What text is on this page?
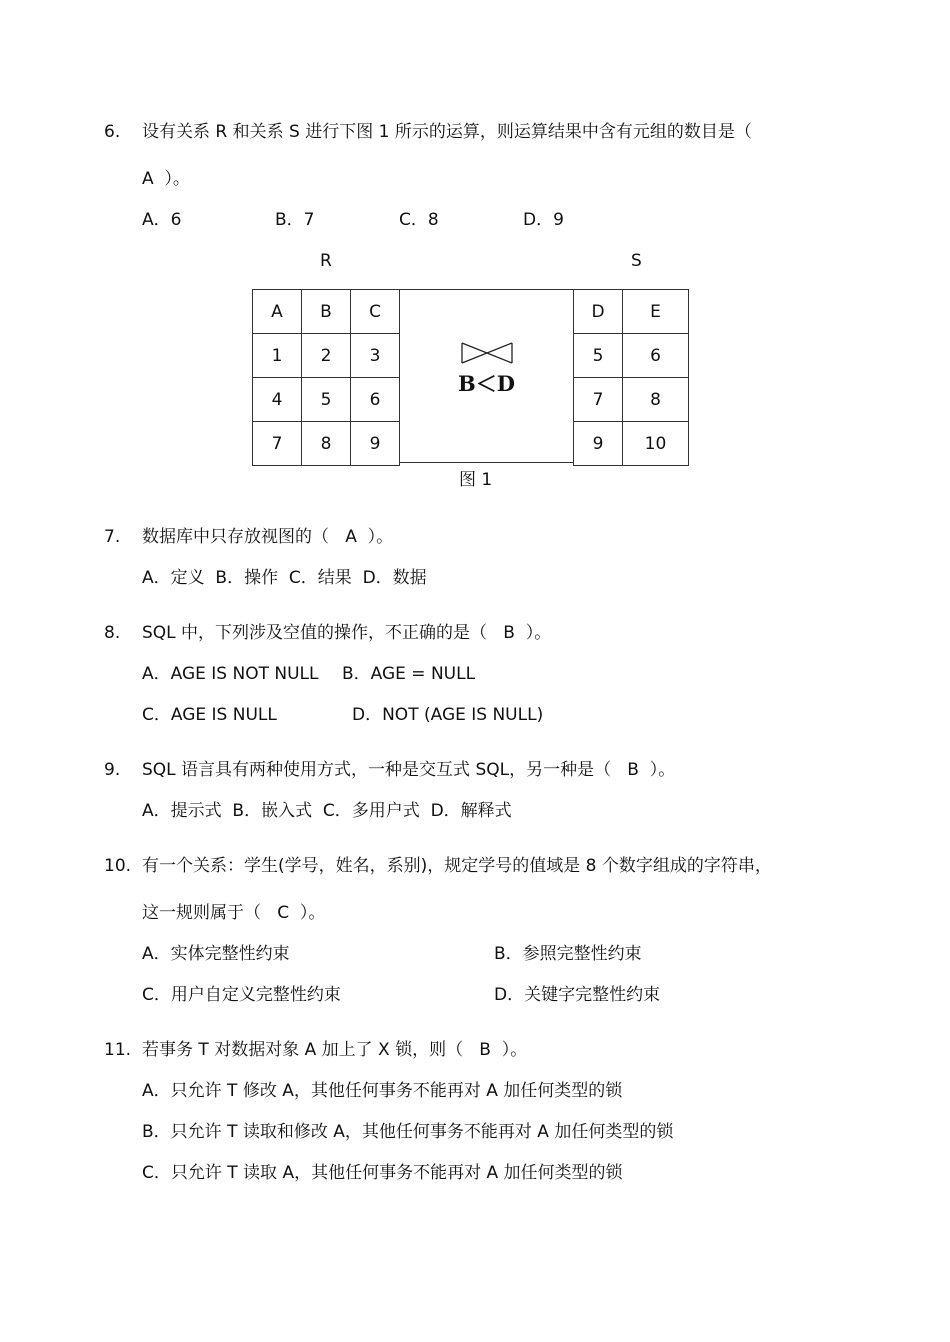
6. 设有关系 R 和关系 S 进行下图 1 所示的运算，则运算结果中含有元组的数目是（
A  ）。
A．6	B．7	C．8	D．9
R	S
A	B	C
1	2	3
4	5	6
7	8	9
B＜D
D	E
5	6
7	8
9	10
图 1
7. 数据库中只存放视图的（   A  ）。
A．定义  B．操作  C．结果  D．数据
8. SQL 中，下列涉及空值的操作，不正确的是（   B  ）。
A．AGE IS NOT NULL B．AGE = NULL
C．AGE IS NULL	D．NOT (AGE IS NULL)
9. SQL 语言具有两种使用方式，一种是交互式 SQL，另一种是（   B  ）。
A．提示式  B．嵌入式  C．多用户式  D．解释式
10. 有一个关系：学生(学号，姓名，系别)，规定学号的值域是 8 个数字组成的字符串，
这一规则属于（   C  ）。
A．实体完整性约束	B．参照完整性约束
C．用户自定义完整性约束	D．关键字完整性约束
11. 若事务 T 对数据对象 A 加上了 X 锁，则（   B  ）。
A．只允许 T 修改 A，其他任何事务不能再对 A 加任何类型的锁
B．只允许 T 读取和修改 A，其他任何事务不能再对 A 加任何类型的锁
C．只允许 T 读取 A，其他任何事务不能再对 A 加任何类型的锁
